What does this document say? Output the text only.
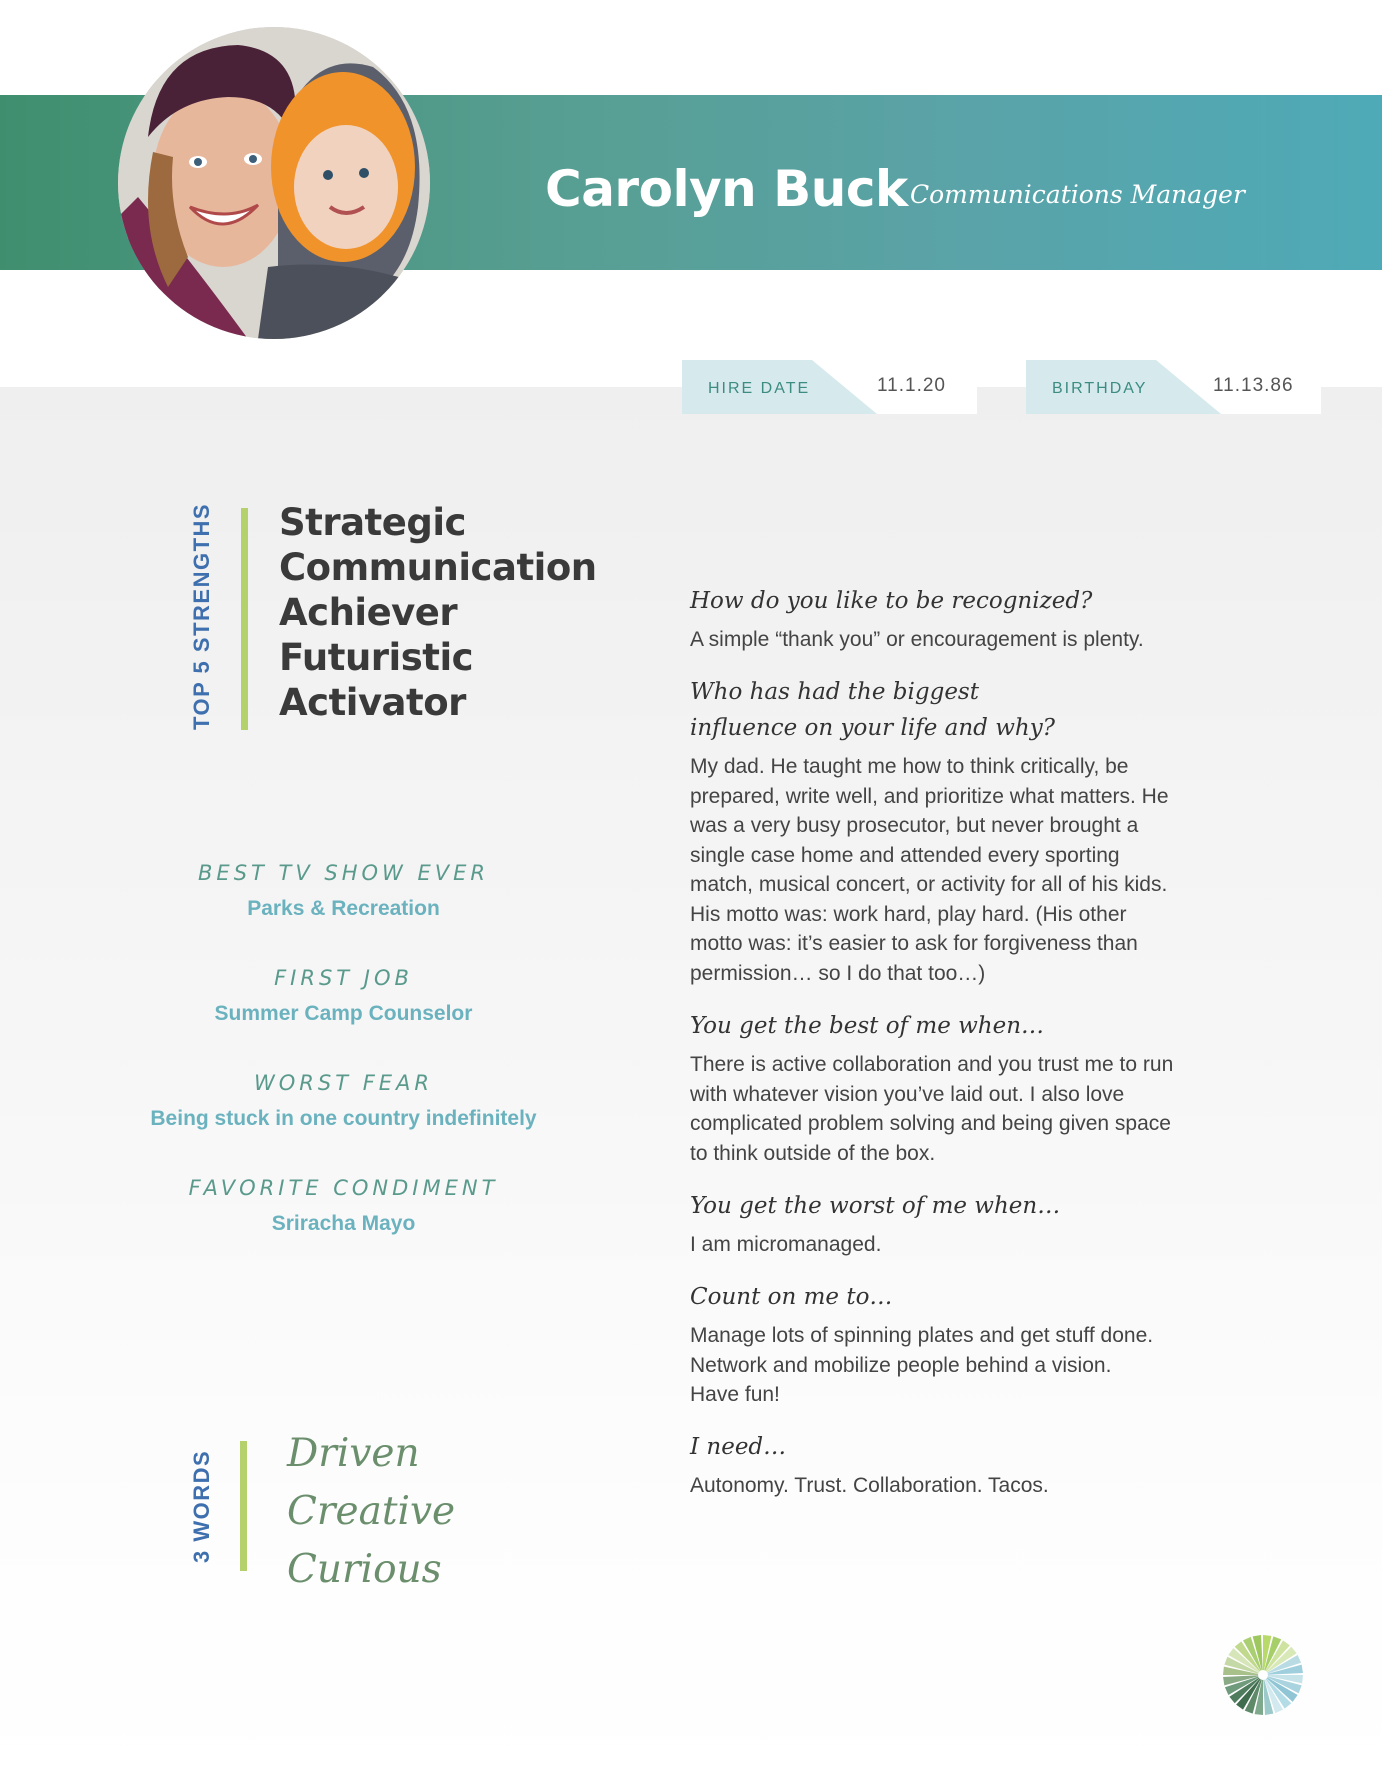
Carolyn Buck Communications Manager
HIRE DATE	11.1.20	BIRTHDAY	11.13.86
TOP 5 STRENGTHS Strategic
Communication
Achiever
Futuristic
Activator
BEST TV SHOW EVER
Parks & Recreation
FIRST JOB
Summer Camp Counselor
WORST FEAR
Being stuck in one country indefinitely
FAVORITE CONDIMENT
Sriracha Mayo
3 WORDS Driven
Creative
Curious
How do you like to be recognized?
A simple “thank you” or encouragement is plenty.
Who has had the biggest influence on your life and why?
My dad. He taught me how to think critically, be prepared, write well, and prioritize what matters. He was a very busy prosecutor, but never brought a single case home and attended every sporting match, musical concert, or activity for all of his kids. His motto was: work hard, play hard. (His other motto was: it’s easier to ask for forgiveness than permission… so I do that too…)
You get the best of me when…
There is active collaboration and you trust me to run with whatever vision you’ve laid out. I also love complicated problem solving and being given space to think outside of the box.
You get the worst of me when…
I am micromanaged.
Count on me to…
Manage lots of spinning plates and get stuff done. Network and mobilize people behind a vision. Have fun!
I need…
Autonomy. Trust. Collaboration. Tacos.
